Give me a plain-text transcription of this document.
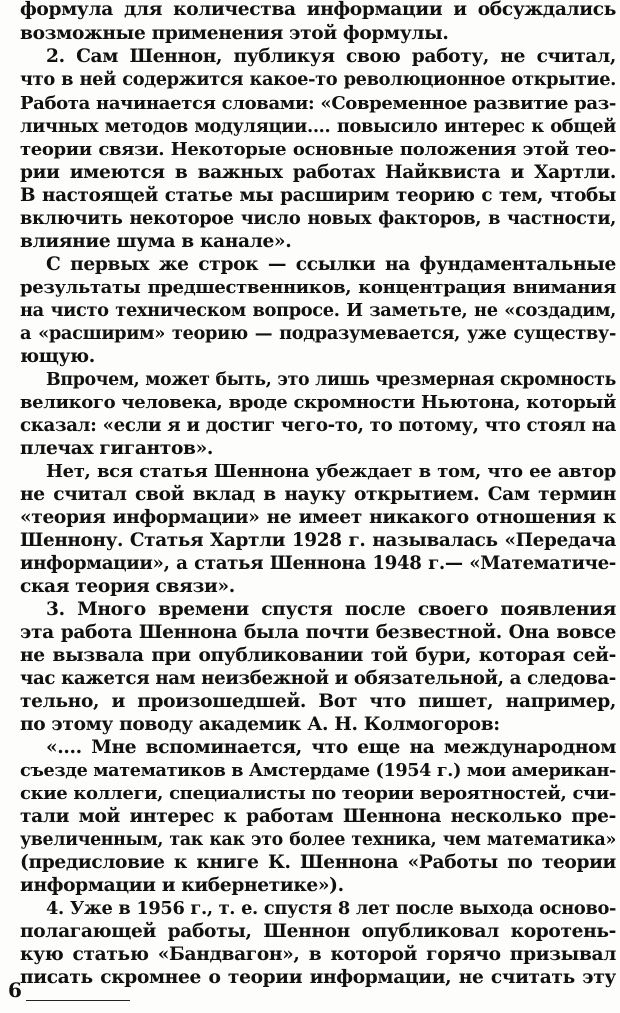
формула для количества информации и обсуждались
возможные применения этой формулы.
2. Сам Шеннон, публикуя свою работу, не считал,
что в ней содержится какое-то революционное открытие.
Работа начинается словами: «Современное развитие раз-
личных методов модуляции.... повысило интерес к общей
теории связи. Некоторые основные положения этой тео-
рии имеются в важных работах Найквиста и Хартли.
В настоящей статье мы расширим теорию с тем, чтобы
включить некоторое число новых факторов, в частности,
влияние шума в канале».
С первых же строк — ссылки на фундаментальные
результаты предшественников, концентрация внимания
на чисто техническом вопросе. И заметьте, не «создадим,
а «расширим» теорию — подразумевается, уже существу-
ющую.
Впрочем, может быть, это лишь чрезмерная скромность
великого человека, вроде скромности Ньютона, который
сказал: «если я и достиг чего-то, то потому, что стоял на
плечах гигантов».
Нет, вся статья Шеннона убеждает в том, что ее автор
не считал свой вклад в науку открытием. Сам термин
«теория информации» не имеет никакого отношения к
Шеннону. Статья Хартли 1928 г. называлась «Передача
информации», а статья Шеннона 1948 г.— «Математиче-
ская теория связи».
3. Много времени спустя после своего появления
эта работа Шеннона была почти безвестной. Она вовсе
не вызвала при опубликовании той бури, которая сей-
час кажется нам неизбежной и обязательной, а следова-
тельно, и произошедшей. Вот что пишет, например,
по этому поводу академик А. Н. Колмогоров:
«.... Мне вспоминается, что еще на международном
съезде математиков в Амстердаме (1954 г.) мои американ-
ские коллеги, специалисты по теории вероятностей, счи-
тали мой интерес к работам Шеннона несколько пре-
увеличенным, так как это более техника, чем математика»
(предисловие к книге К. Шеннона «Работы по теории
информации и кибернетике»).
4. Уже в 1956 г., т. е. спустя 8 лет после выхода осново-
полагающей работы, Шеннон опубликовал коротень-
кую статью «Бандвагон», в которой горячо призывал
писать скромнее о теории информации, не считать эту
6
